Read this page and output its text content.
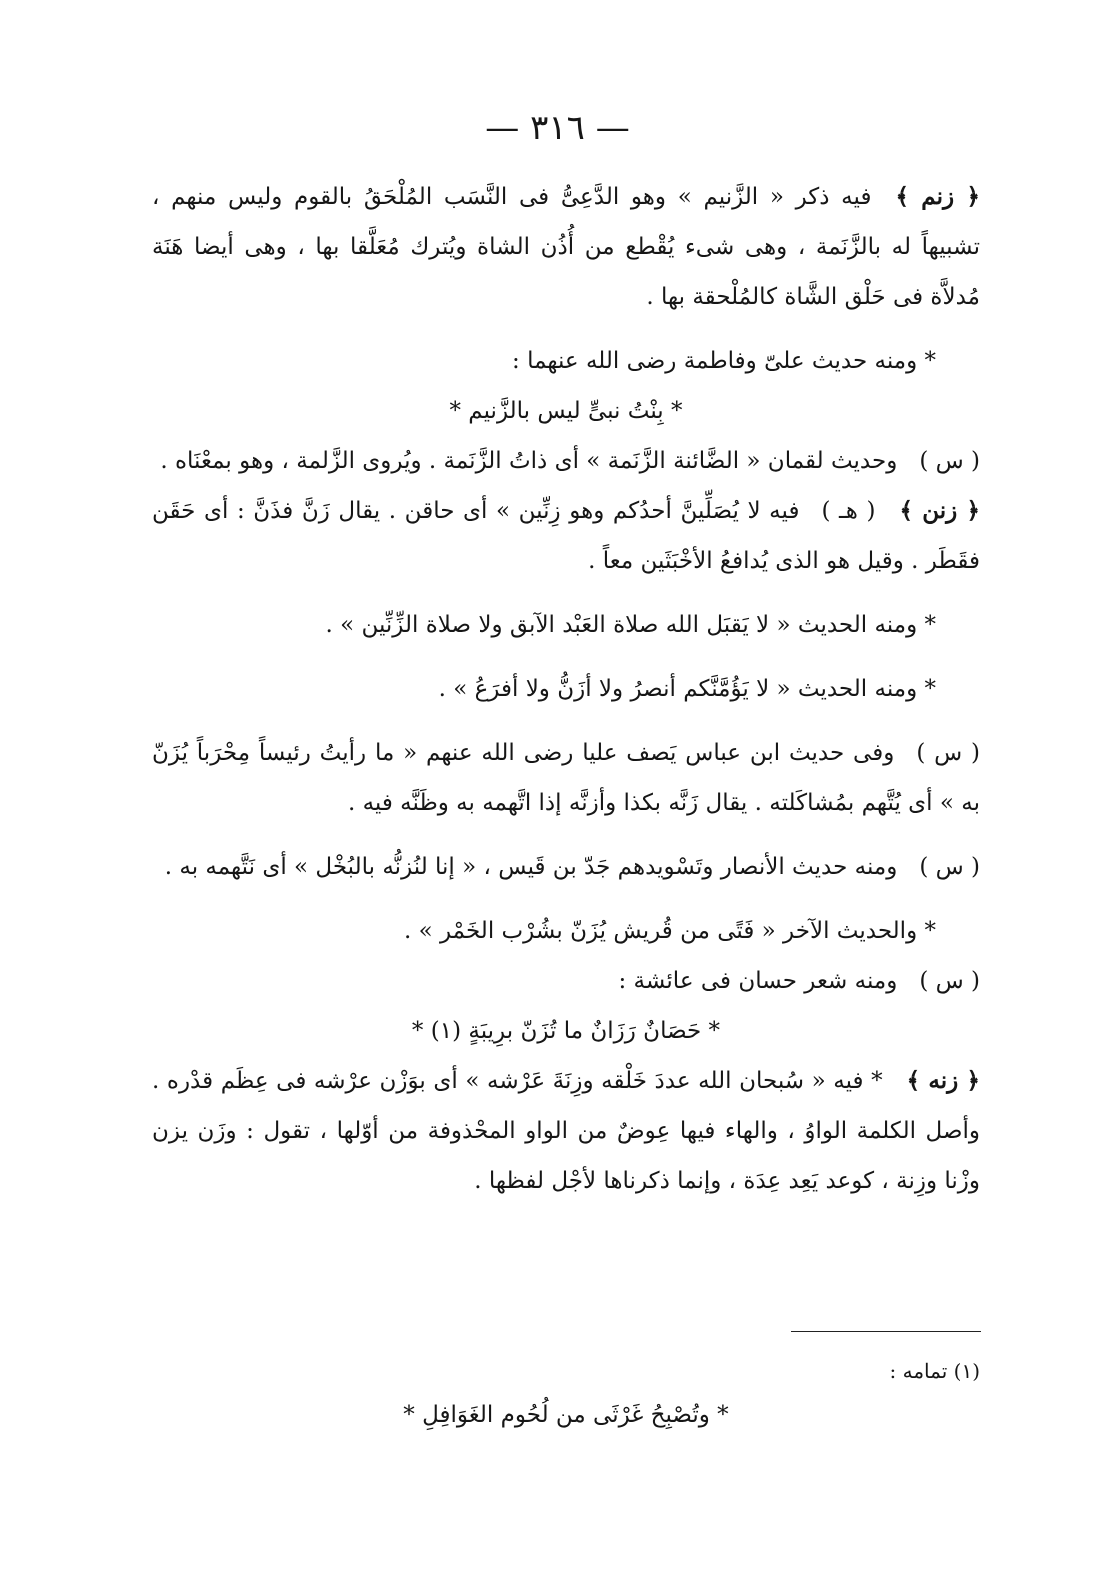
— ٣١٦ —

﴿ زنم ﴾فيه ذكر « الزَّنيم » وهو الدَّعِىُّ فى النَّسَب المُلْحَقُ بالقوم وليس منهم ، تشبيهاً له بالزَّنَمة ، وهى شىء يُقْطع من أُذُن الشاة ويُترك مُعَلَّقا بها ، وهى أيضا هَنَة مُدلاَّة فى حَلْق الشَّاة كالمُلْحقة بها .

* ومنه حديث علىّ وفاطمة رضى الله عنهما :

* بِنْتُ نبىٍّ ليس بالزَّنيم *

( س )وحديث لقمان « الضَّائنة الزَّنَمة » أى ذاتُ الزَّنَمة . ويُروى الزَّلمة ، وهو بمعْنَاه .

﴿ زنن ﴾( هـ )فيه لا يُصَلِّينَّ أحدُكم وهو زِنِّين » أى حاقن . يقال زَنَّ فذَنَّ : أى حَقَن فقَطَر . وقيل هو الذى يُدافعُ الأخْبَثَين معاً .

* ومنه الحديث « لا يَقبَل الله صلاة العَبْد الآبق ولا صلاة الزِّنِّين » .

* ومنه الحديث « لا يَؤُمَّنَّكم أنصرُ ولا أزَنُّ ولا أفرَعُ » .

( س )وفى حديث ابن عباس يَصف عليا رضى الله عنهم « ما رأيتُ رئيساً مِحْرَباً يُزَنّ به » أى يُتَّهم بمُشاكَلته . يقال زَنَّه بكذا وأزنَّه إذا اتَّهمه به وظَنَّه فيه .

( س )ومنه حديث الأنصار وتَسْويدهم جَدّ بن قَيس ، « إنا لنُزنُّه بالبُخْل » أى نَتَّهمه به .

* والحديث الآخر « فَتًى من قُريش يُزَنّ بشُرْب الخَمْر » .

( س )ومنه شعر حسان فى عائشة :

* حَصَانٌ رَزَانٌ ما تُزَنّ برِيبَةٍ (١) *

﴿ زنه ﴾* فيه « سُبحان الله عددَ خَلْقه وزِنَةَ عَرْشه » أى بوَزْن عرْشه فى عِظَم قدْره . وأصل الكلمة الواوُ ، والهاء فيها عِوضٌ من الواو المحْذوفة من أوّلها ، تقول : وزَن يزن وزْنا وزِنة ، كوعد يَعِد عِدَة ، وإنما ذكرناها لأجْل لفظها .

(١) تمامه :
* وتُصْبِحُ غَرْثَى من لُحُوم الغَوَافِلِ *
